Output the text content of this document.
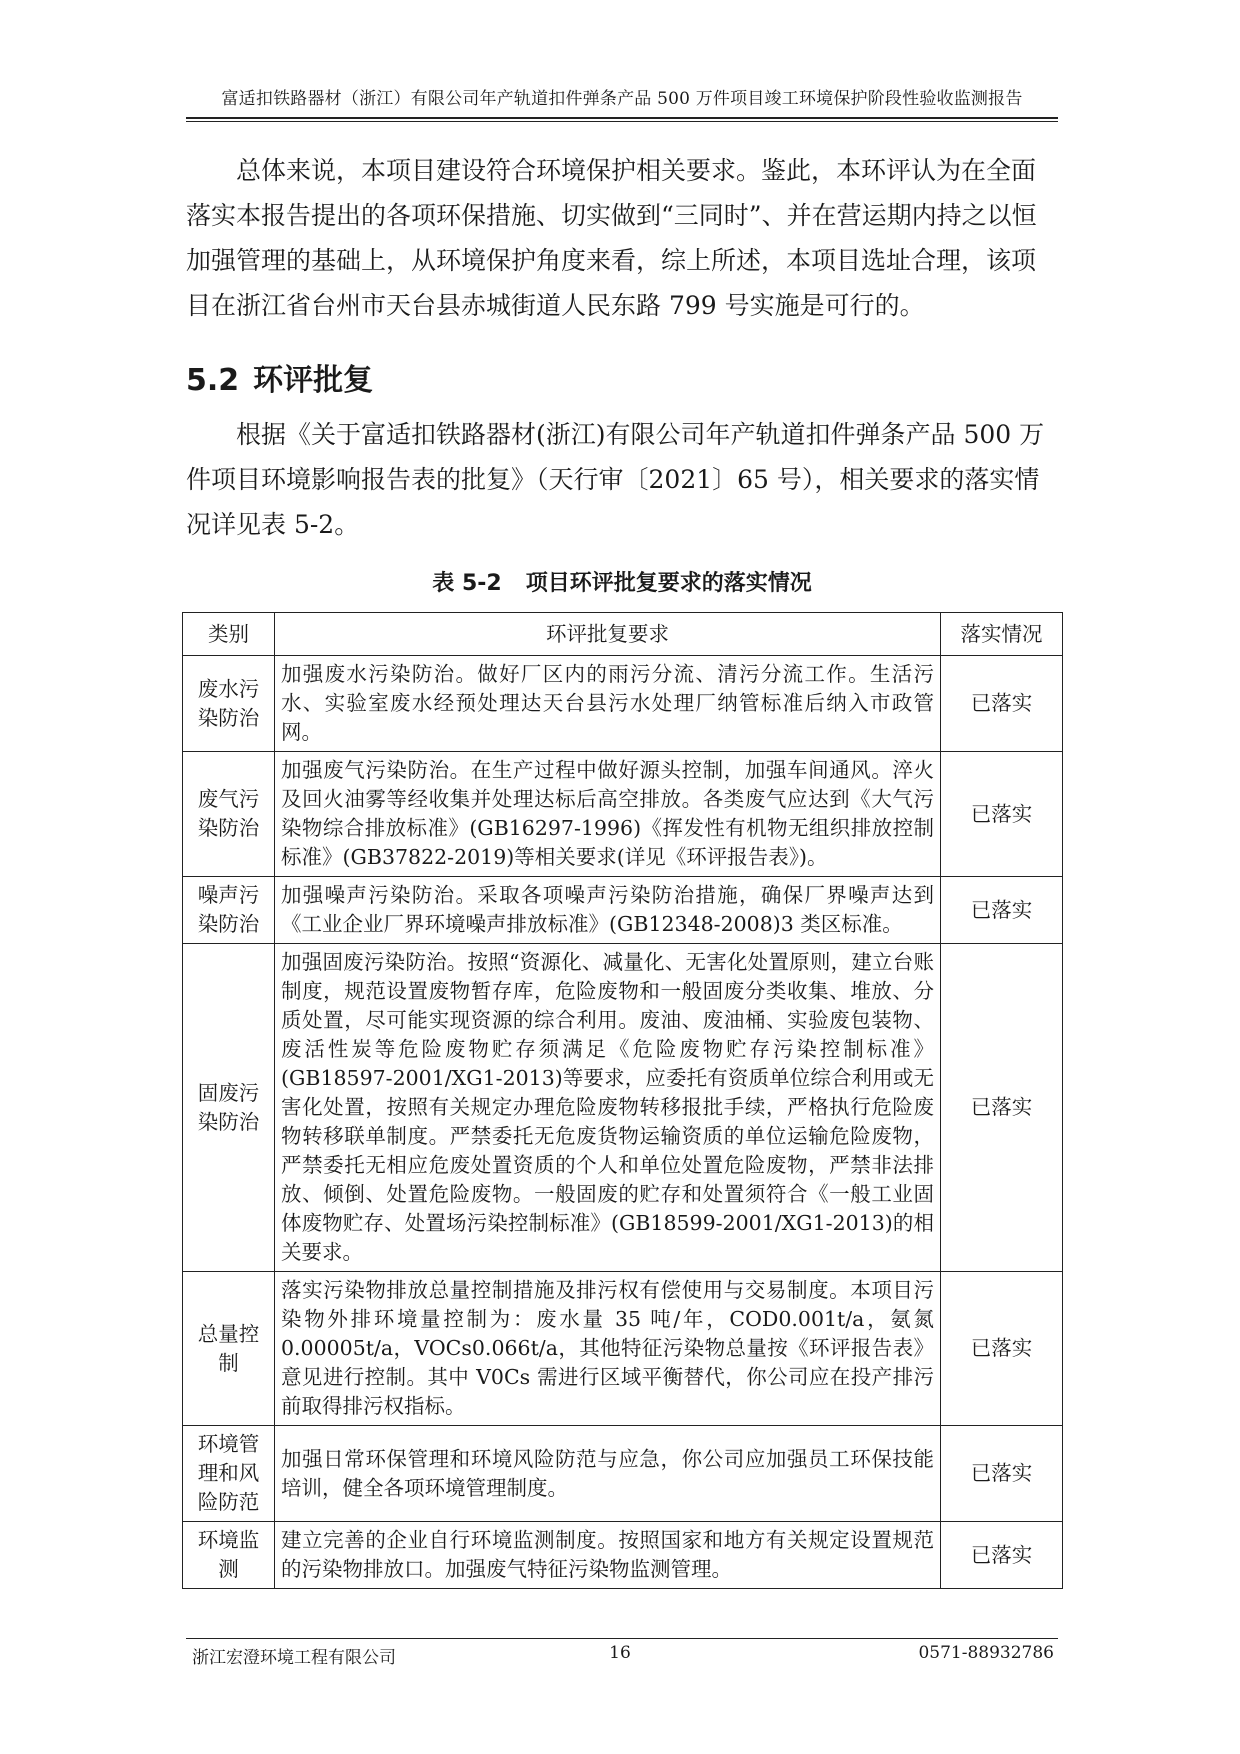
富适扣铁路器材（浙江）有限公司年产轨道扣件弹条产品 500 万件项目竣工环境保护阶段性验收监测报告

总体来说，本项目建设符合环境保护相关要求。鉴此，本环评认为在全面落实本报告提出的各项环保措施、切实做到“三同时”、并在营运期内持之以恒加强管理的基础上，从环境保护角度来看，综上所述，本项目选址合理，该项目在浙江省台州市天台县赤城街道人民东路 799 号实施是可行的。

5.2 环评批复

根据《关于富适扣铁路器材(浙江)有限公司年产轨道扣件弹条产品 500 万件项目环境影响报告表的批复》（天行审〔2021〕65 号），相关要求的落实情况详见表 5-2。

表 5-2 项目环评批复要求的落实情况
类别	环评批复要求	落实情况
废水污染防治	加强废水污染防治。做好厂区内的雨污分流、清污分流工作。生活污水、实验室废水经预处理达天台县污水处理厂纳管标准后纳入市政管网。	已落实
废气污染防治	加强废气污染防治。在生产过程中做好源头控制，加强车间通风。淬火及回火油雾等经收集并处理达标后高空排放。各类废气应达到《大气污染物综合排放标准》(GB16297-1996)《挥发性有机物无组织排放控制标准》(GB37822-2019)等相关要求(详见《环评报告表》)。	已落实
噪声污染防治	加强噪声污染防治。采取各项噪声污染防治措施，确保厂界噪声达到《工业企业厂界环境噪声排放标准》(GB12348-2008)3 类区标准。	已落实
固废污染防治	加强固废污染防治。按照“资源化、减量化、无害化处置原则，建立台账制度，规范设置废物暂存库，危险废物和一般固废分类收集、堆放、分质处置，尽可能实现资源的综合利用。废油、废油桶、实验废包装物、废活性炭等危险废物贮存须满足《危险废物贮存污染控制标准》(GB18597-2001/XG1-2013)等要求，应委托有资质单位综合利用或无害化处置，按照有关规定办理危险废物转移报批手续，严格执行危险废物转移联单制度。严禁委托无危废货物运输资质的单位运输危险废物，严禁委托无相应危废处置资质的个人和单位处置危险废物，严禁非法排放、倾倒、处置危险废物。一般固废的贮存和处置须符合《一般工业固体废物贮存、处置场污染控制标准》(GB18599-2001/XG1-2013)的相关要求。	已落实
总量控制	落实污染物排放总量控制措施及排污权有偿使用与交易制度。本项目污染物外排环境量控制为：废水量 35 吨/年，COD0.001t/a，氨氮 0.00005t/a，VOCs0.066t/a，其他特征污染物总量按《环评报告表》意见进行控制。其中 V0Cs 需进行区域平衡替代，你公司应在投产排污前取得排污权指标。	已落实
环境管理和风险防范	加强日常环保管理和环境风险防范与应急，你公司应加强员工环保技能培训，健全各项环境管理制度。	已落实
环境监测	建立完善的企业自行环境监测制度。按照国家和地方有关规定设置规范的污染物排放口。加强废气特征污染物监测管理。	已落实
浙江宏澄环境工程有限公司	16	0571-88932786
